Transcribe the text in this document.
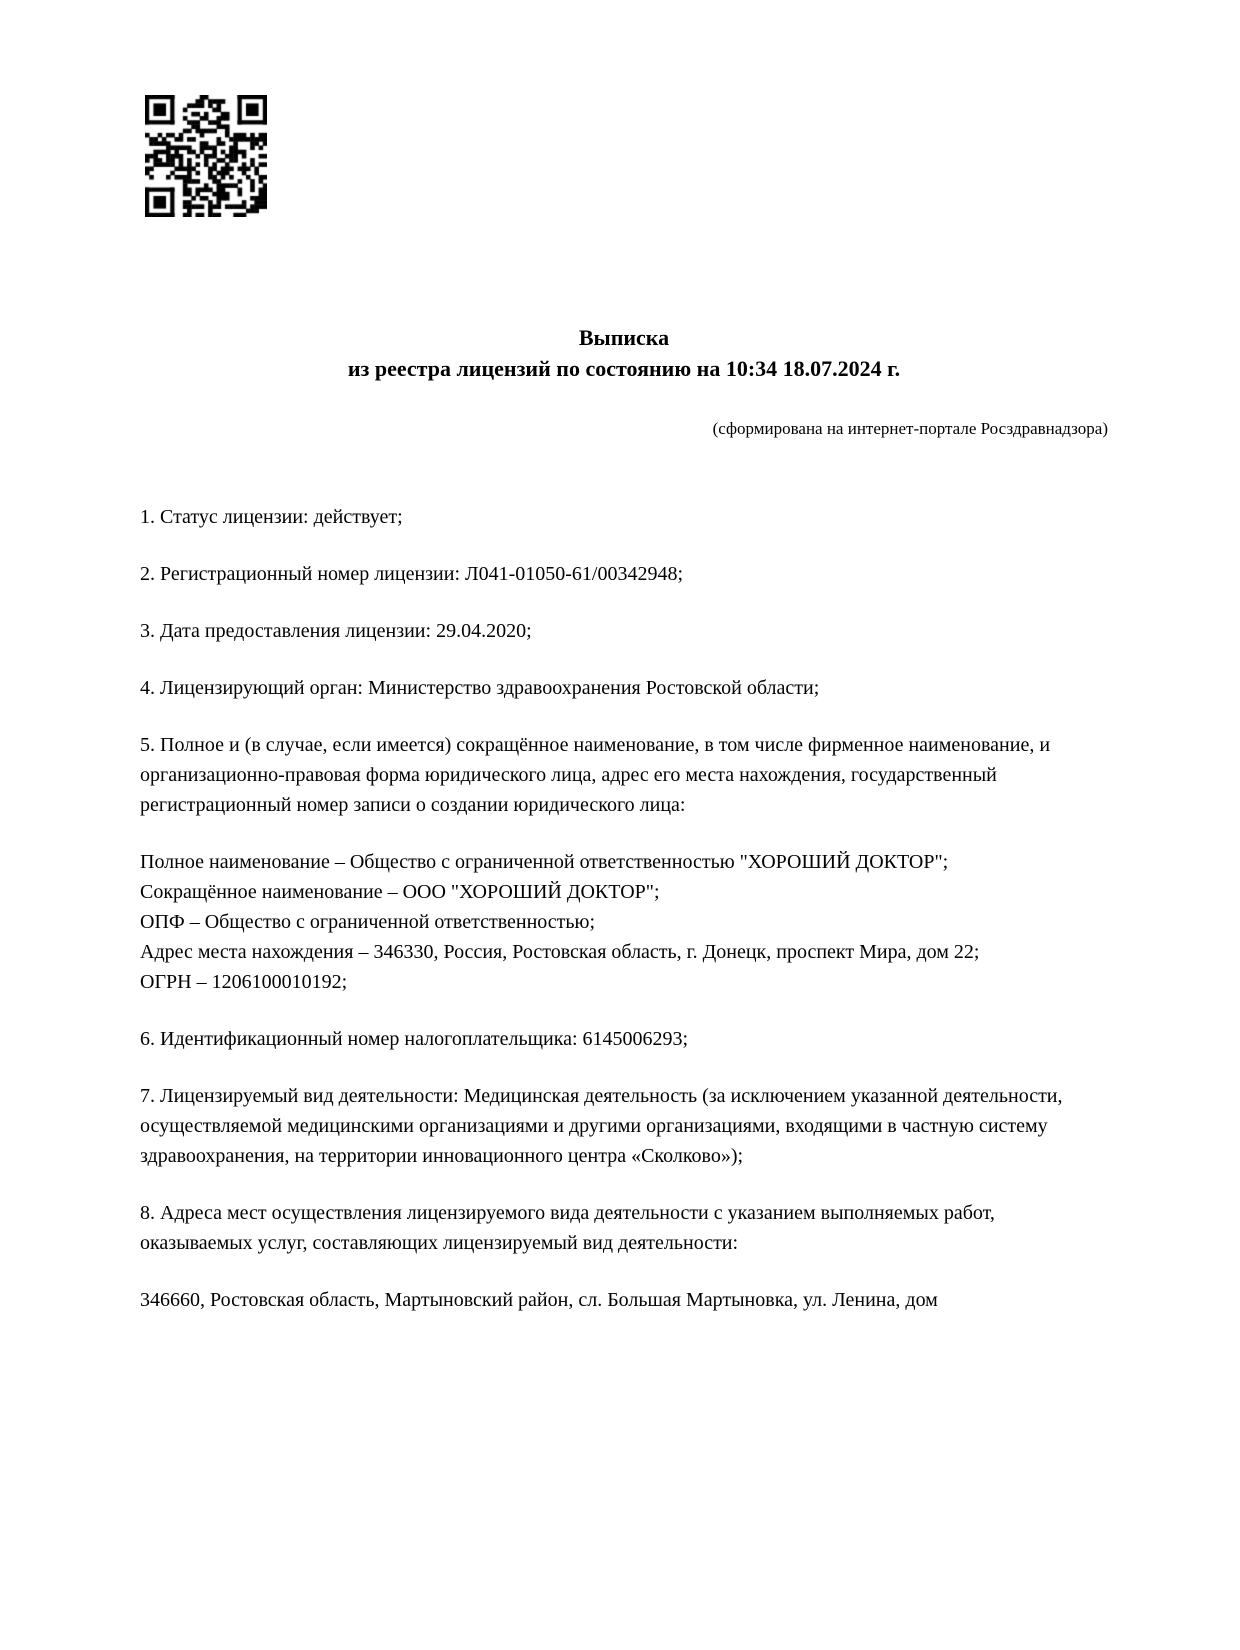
Выписка
из реестра лицензий по состоянию на 10:34 18.07.2024 г.
(сформирована на интернет-портале Росздравнадзора)

1. Статус лицензии: действует;

2. Регистрационный номер лицензии: Л041-01050-61/00342948;

3. Дата предоставления лицензии: 29.04.2020;

4. Лицензирующий орган: Министерство здравоохранения Ростовской области;

5. Полное и (в случае, если имеется) сокращённое наименование, в том числе фирменное наименование, и организационно-правовая форма юридического лица, адрес его места нахождения, государственный регистрационный номер записи о создании юридического лица:

Полное наименование – Общество с ограниченной ответственностью "ХОРОШИЙ ДОКТОР";
Сокращённое наименование – ООО "ХОРОШИЙ ДОКТОР";
ОПФ – Общество с ограниченной ответственностью;
Адрес места нахождения – 346330, Россия, Ростовская область, г. Донецк, проспект Мира, дом 22;
ОГРН – 1206100010192;

6. Идентификационный номер налогоплательщика: 6145006293;

7. Лицензируемый вид деятельности: Медицинская деятельность (за исключением указанной деятельности, осуществляемой медицинскими организациями и другими организациями, входящими в частную систему здравоохранения, на территории инновационного центра «Сколково»);

8. Адреса мест осуществления лицензируемого вида деятельности с указанием выполняемых работ, оказываемых услуг, составляющих лицензируемый вид деятельности:

346660, Ростовская область, Мартыновский район, сл. Большая Мартыновка, ул. Ленина, дом
